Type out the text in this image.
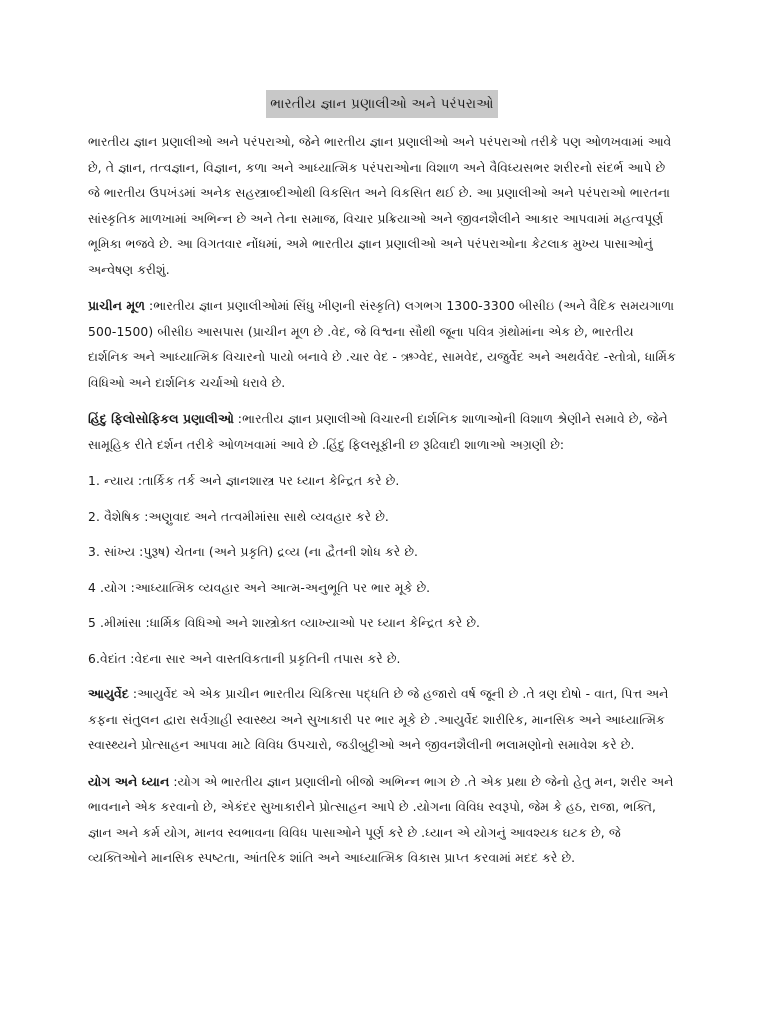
ભારતીય જ્ઞાન પ્રણાલીઓ અને પરંપરાઓ

ભારતીય જ્ઞાન પ્રણાલીઓ અને પરંપરાઓ, જેને ભારતીય જ્ઞાન પ્રણાલીઓ અને પરંપરાઓ તરીકે પણ ઓળખવામાં આવે છે, તે જ્ઞાન, તત્વજ્ઞાન, વિજ્ઞાન, કળા અને આધ્યાત્મિક પરંપરાઓના વિશાળ અને વૈવિધ્યસભર શરીરનો સંદર્ભ આપે છે જે ભારતીય ઉપખંડમાં અનેક સહસ્ત્રાબ્દીઓથી વિકસિત અને વિકસિત થઈ છે. આ પ્રણાલીઓ અને પરંપરાઓ ભારતના સાંસ્કૃતિક માળખામાં અભિન્ન છે અને તેના સમાજ, વિચાર પ્રક્રિયાઓ અને જીવનશૈલીને આકાર આપવામાં મહત્વપૂર્ણ ભૂમિકા ભજવે છે. આ વિગતવાર નોંધમાં, અમે ભારતીય જ્ઞાન પ્રણાલીઓ અને પરંપરાઓના કેટલાક મુખ્ય પાસાઓનું અન્વેષણ કરીશું.

પ્રાચીન મૂળ :ભારતીય જ્ઞાન પ્રણાલીઓમાં સિંધુ ખીણની સંસ્કૃતિ) લગભગ 1300-3300 બીસીઇ (અને વૈદિક સમયગાળા 500-1500) બીસીઇ આસપાસ (પ્રાચીન મૂળ છે .વેદ, જે વિશ્વના સૌથી જૂના પવિત્ર ગ્રંથોમાંના એક છે, ભારતીય દાર્શનિક અને આધ્યાત્મિક વિચારનો પાયો બનાવે છે .ચાર વેદ - ઋગ્વેદ, સામવેદ, યજુર્વેદ અને અથર્વવેદ -સ્તોત્રો, ધાર્મિક વિધિઓ અને દાર્શનિક ચર્ચાઓ ધરાવે છે.

હિંદુ ફિલોસોફિકલ પ્રણાલીઓ :ભારતીય જ્ઞાન પ્રણાલીઓ વિચારની દાર્શનિક શાળાઓની વિશાળ શ્રેણીને સમાવે છે, જેને સામૂહિક રીતે દર્શન તરીકે ઓળખવામાં આવે છે .હિંદુ ફિલસૂફીની છ રૂઢિવાદી શાળાઓ અગ્રણી છે:

1. ન્યાય :તાર્કિક તર્ક અને જ્ઞાનશાસ્ત્ર પર ધ્યાન કેન્દ્રિત કરે છે.

2. વૈશેષિક :અણુવાદ અને તત્વમીમાંસા સાથે વ્યવહાર કરે છે.

3. સાંખ્ય :પુરૂષ) ચેતના (અને પ્રકૃતિ) દ્રવ્ય (ના દ્વૈતની શોધ કરે છે.

4 .યોગ :આધ્યાત્મિક વ્યવહાર અને આત્મ-અનુભૂતિ પર ભાર મૂકે છે.

5 .મીમાંસા :ધાર્મિક વિધિઓ અને શાસ્ત્રોક્ત વ્યાખ્યાઓ પર ધ્યાન કેન્દ્રિત કરે છે.

6.વેદાંત :વેદના સાર અને વાસ્તવિકતાની પ્રકૃતિની તપાસ કરે છે.

આયુર્વેદ :આયુર્વેદ એ એક પ્રાચીન ભારતીય ચિકિત્સા પદ્ધતિ છે જે હજારો વર્ષ જૂની છે .તે ત્રણ દોષો - વાત, પિત્ત અને કફના સંતુલન દ્વારા સર્વગ્રાહી સ્વાસ્થ્ય અને સુખાકારી પર ભાર મૂકે છે .આયુર્વેદ શારીરિક, માનસિક અને આધ્યાત્મિક સ્વાસ્થ્યને પ્રોત્સાહન આપવા માટે વિવિધ ઉપચારો, જડીબુટ્ટીઓ અને જીવનશૈલીની ભલામણોનો સમાવેશ કરે છે.

યોગ અને ધ્યાન :યોગ એ ભારતીય જ્ઞાન પ્રણાલીનો બીજો અભિન્ન ભાગ છે .તે એક પ્રથા છે જેનો હેતુ મન, શરીર અને ભાવનાને એક કરવાનો છે, એકંદર સુખાકારીને પ્રોત્સાહન આપે છે .યોગના વિવિધ સ્વરૂપો, જેમ કે હઠ, રાજા, ભક્તિ, જ્ઞાન અને કર્મ યોગ, માનવ સ્વભાવના વિવિધ પાસાઓને પૂર્ણ કરે છે .ધ્યાન એ યોગનું આવશ્યક ઘટક છે, જે વ્યક્તિઓને માનસિક સ્પષ્ટતા, આંતરિક શાંતિ અને આધ્યાત્મિક વિકાસ પ્રાપ્ત કરવામાં મદદ કરે છે.
